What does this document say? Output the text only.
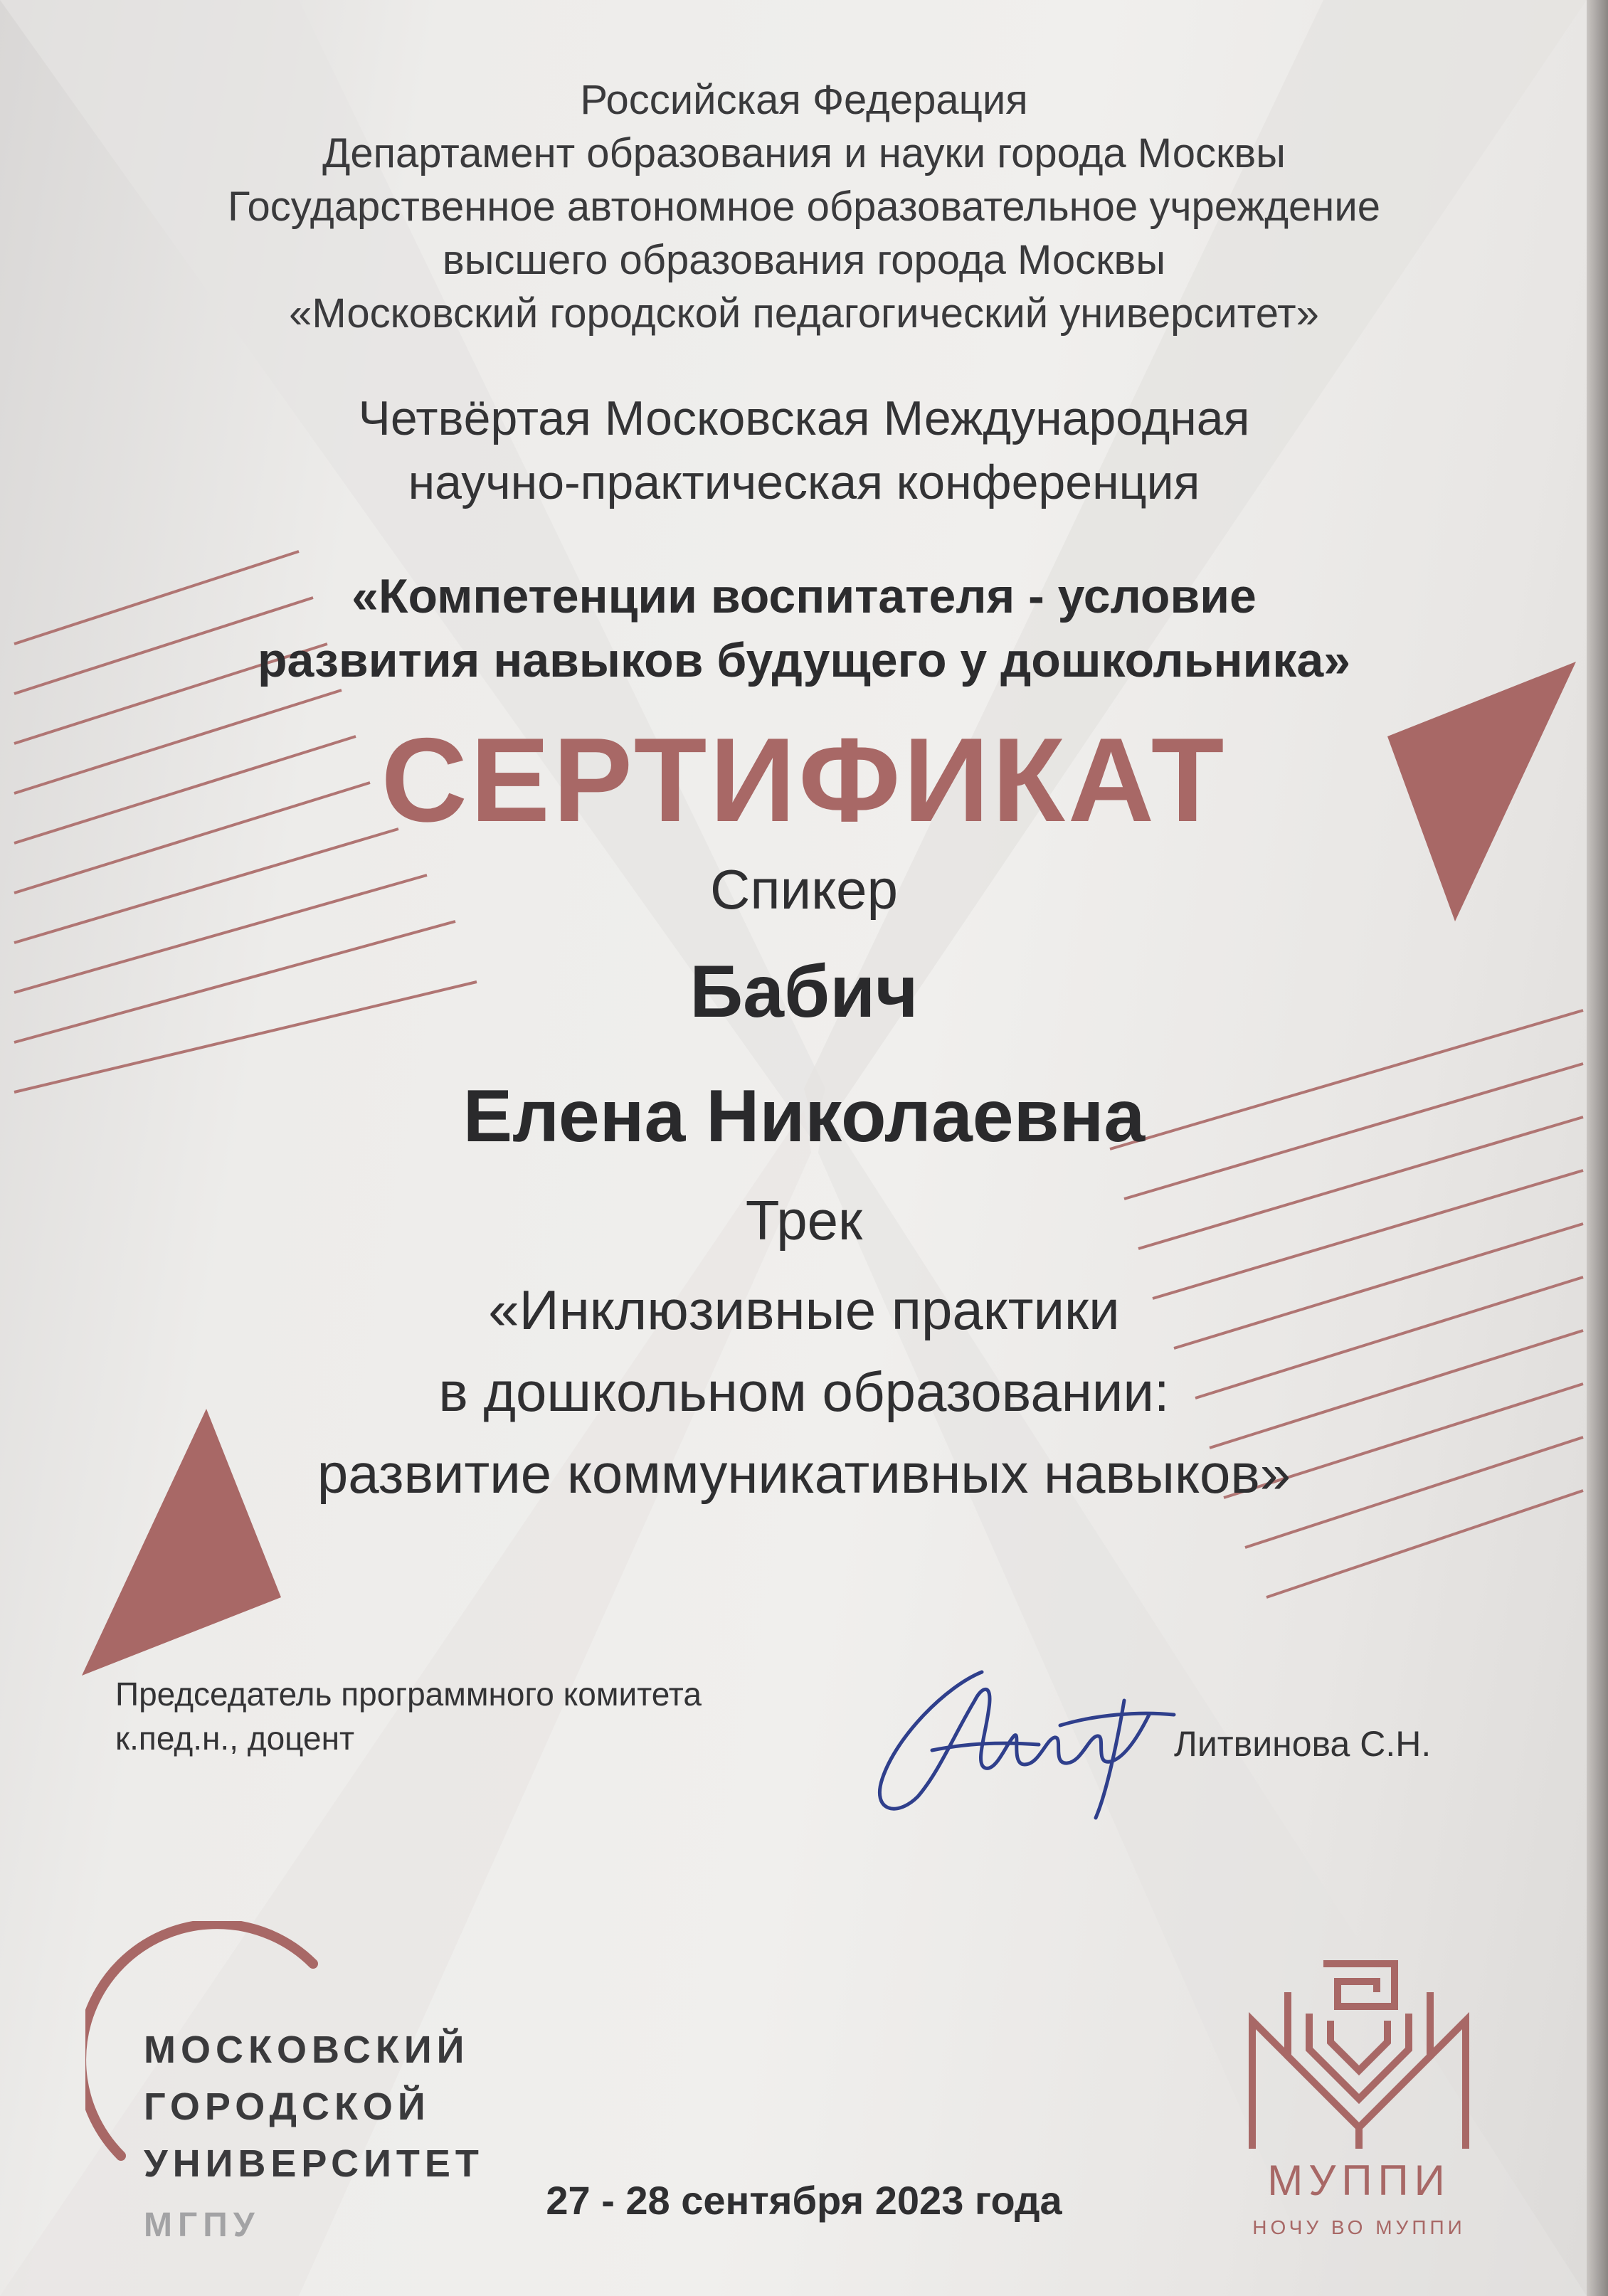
Российская Федерация

Департамент образования и науки города Москвы

Государственное автономное образовательное учреждение

высшего образования города Москвы

«Московский городской педагогический университет»

Четвёртая Московская Международная

научно-практическая конференция

«Компетенции воспитателя - условие

развития навыков будущего у дошкольника»

СЕРТИФИКАТ

Спикер

Бабич

Елена Николаевна

Трек

«Инклюзивные практики

в дошкольном образовании:

развитие коммуникативных навыков»

Председатель программного комитета
к.пед.н., доцент	Литвинова С.Н.
МОСКОВСКИЙ
ГОРОДСКОЙ
УНИВЕРСИТЕТ
МГПУ
27 - 28 сентября 2023 года	МУППИ
НОЧУ ВО МУППИ
